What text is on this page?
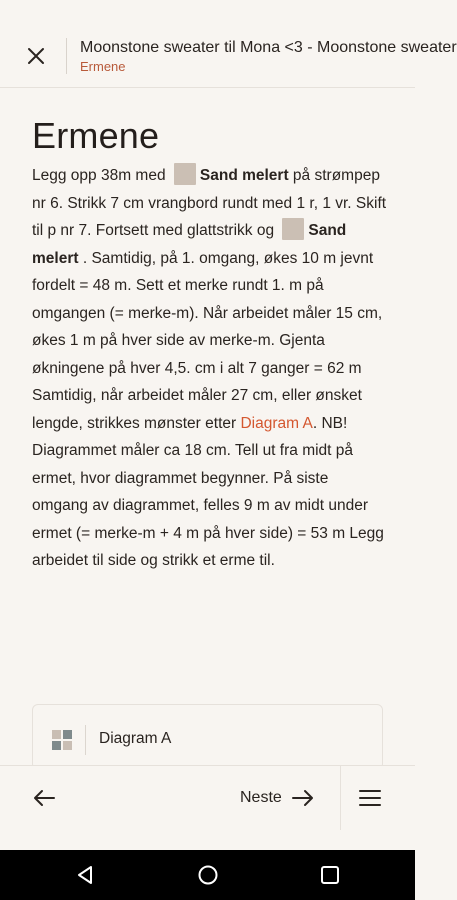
Moonstone sweater til Mona <3 - Moonstone sweater
Ermene
Ermene

Legg opp 38m med Sand melert på strømpep nr 6. Strikk 7 cm vrangbord rundt med 1 r, 1 vr. Skift til p nr 7. Fortsett med glattstrikk og Sand melert . Samtidig, på 1. omgang, økes 10 m jevnt fordelt = 48 m. Sett et merke rundt 1. m på omgangen (= merke-m). Når arbeidet måler 15 cm, økes 1 m på hver side av merke-m. Gjenta økningene på hver 4,5. cm i alt 7 ganger = 62 m Samtidig, når arbeidet måler 27 cm, eller ønsket lengde, strikkes mønster etter Diagram A. NB! Diagrammet måler ca 18 cm. Tell ut fra midt på ermet, hvor diagrammet begynner. På siste omgang av diagrammet, felles 9 m av midt under ermet (= merke-m + 4 m på hver side) = 53 m Legg arbeidet til side og strikk et erme til.

Diagram A
Neste
